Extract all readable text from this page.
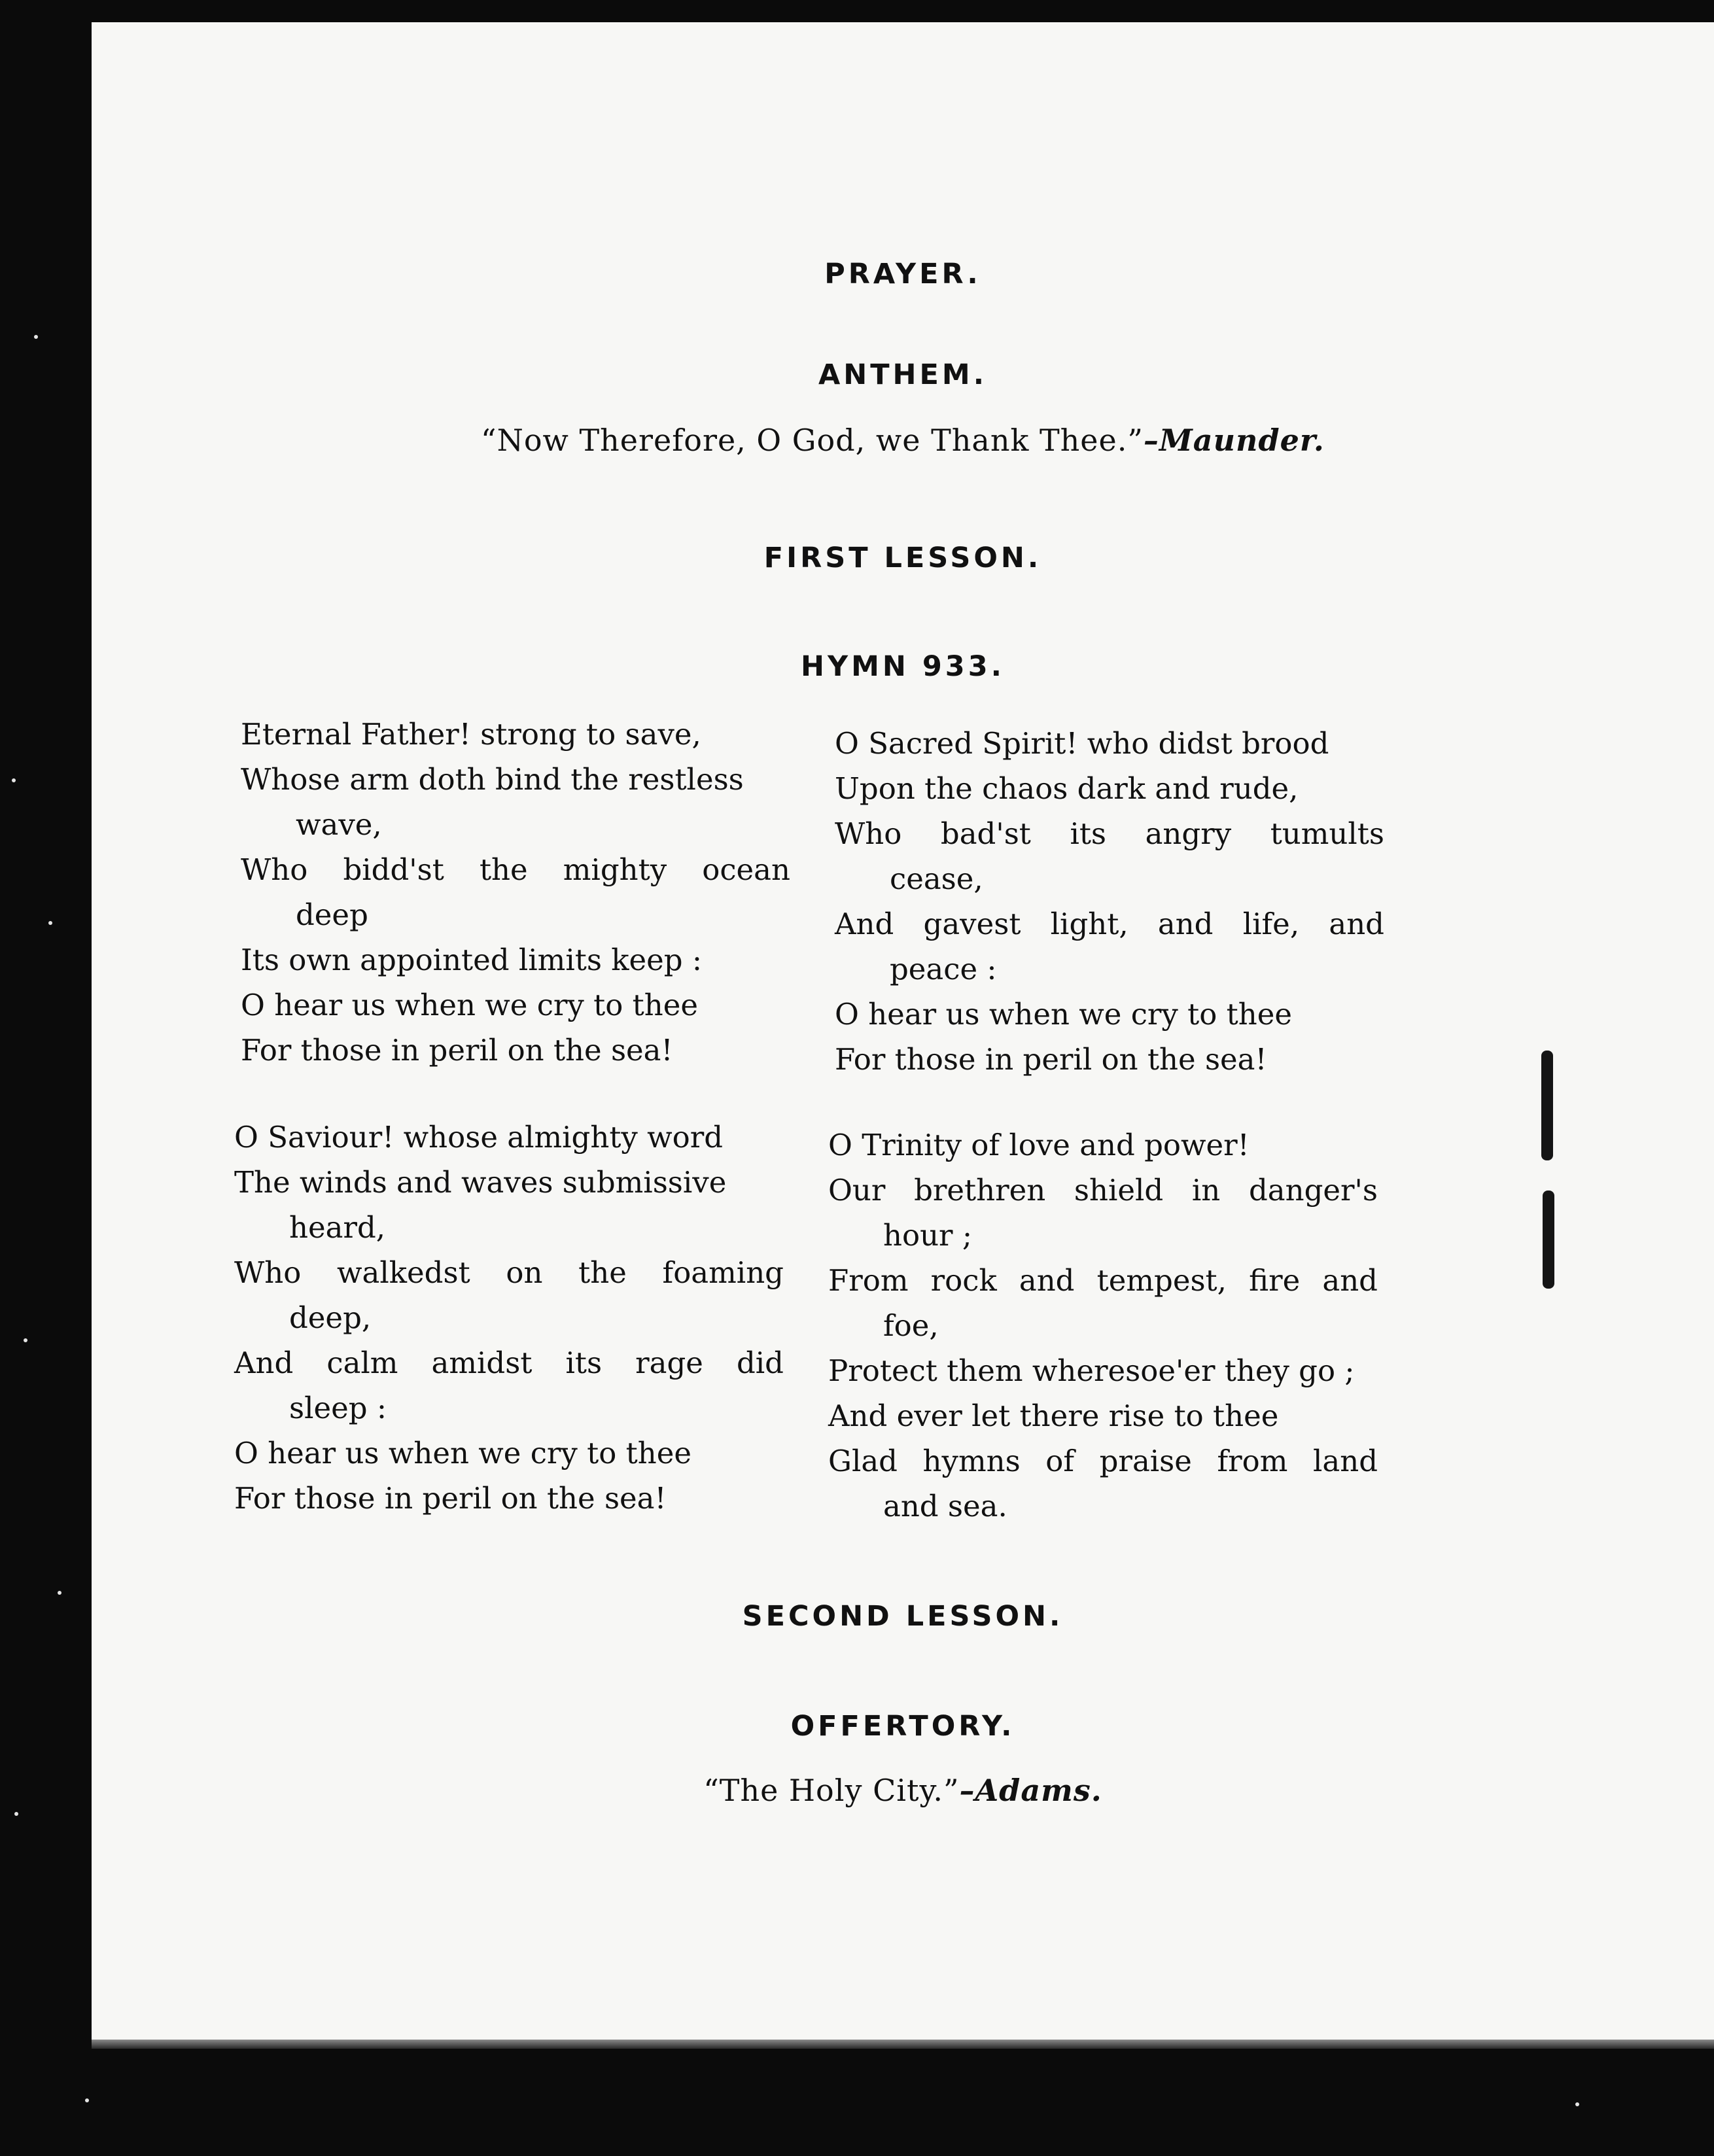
PRAYER.
ANTHEM.
“Now Therefore, O God, we Thank Thee.”–Maunder.
FIRST LESSON.
HYMN 933.
Eternal Father! strong to save,
Whose arm doth bind the restless
wave,
Who bidd'st the mighty ocean
deep
Its own appointed limits keep :
O hear us when we cry to thee
For those in peril on the sea!
O Sacred Spirit! who didst brood
Upon the chaos dark and rude,
Who bad'st its angry tumults
cease,
And gavest light, and life, and
peace :
O hear us when we cry to thee
For those in peril on the sea!
O Saviour! whose almighty word
The winds and waves submissive
heard,
Who walkedst on the foaming
deep,
And calm amidst its rage did
sleep :
O hear us when we cry to thee
For those in peril on the sea!
O Trinity of love and power!
Our brethren shield in danger's
hour ;
From rock and tempest, fire and
foe,
Protect them wheresoe'er they go ;
And ever let there rise to thee
Glad hymns of praise from land
and sea.
SECOND LESSON.
OFFERTORY.
“The Holy City.”–Adams.
